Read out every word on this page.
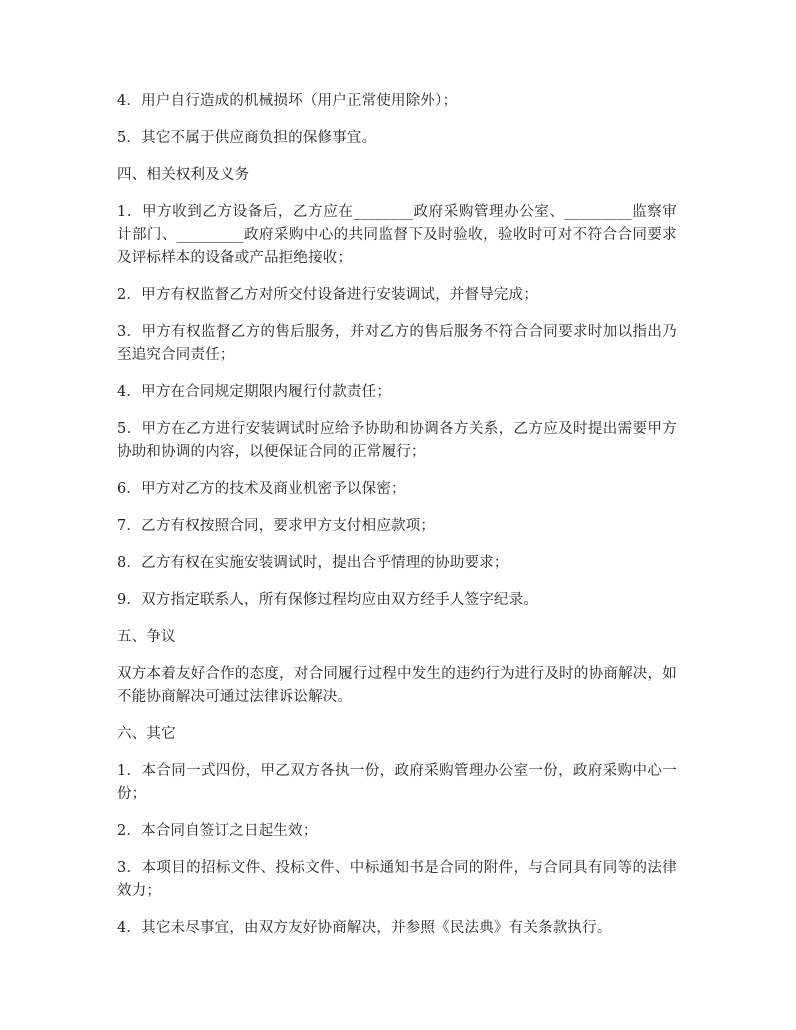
4．用户自行造成的机械损坏（用户正常使用除外）；

5．其它不属于供应商负担的保修事宜。

四、相关权利及义务

1．甲方收到乙方设备后，乙方应在________政府采购管理办公室、_________监察审计部门、_________政府采购中心的共同监督下及时验收，验收时可对不符合合同要求及评标样本的设备或产品拒绝接收；

2．甲方有权监督乙方对所交付设备进行安装调试，并督导完成；

3．甲方有权监督乙方的售后服务，并对乙方的售后服务不符合合同要求时加以指出乃至追究合同责任；

4．甲方在合同规定期限内履行付款责任；

5．甲方在乙方进行安装调试时应给予协助和协调各方关系，乙方应及时提出需要甲方协助和协调的内容，以便保证合同的正常履行；

6．甲方对乙方的技术及商业机密予以保密；

7．乙方有权按照合同，要求甲方支付相应款项；

8．乙方有权在实施安装调试时，提出合乎情理的协助要求；

9．双方指定联系人，所有保修过程均应由双方经手人签字纪录。

五、争议

双方本着友好合作的态度，对合同履行过程中发生的违约行为进行及时的协商解决，如不能协商解决可通过法律诉讼解决。

六、其它

1．本合同一式四份，甲乙双方各执一份，政府采购管理办公室一份，政府采购中心一份；

2．本合同自签订之日起生效；

3．本项目的招标文件、投标文件、中标通知书是合同的附件，与合同具有同等的法律效力；

4．其它未尽事宜，由双方友好协商解决，并参照《民法典》有关条款执行。
